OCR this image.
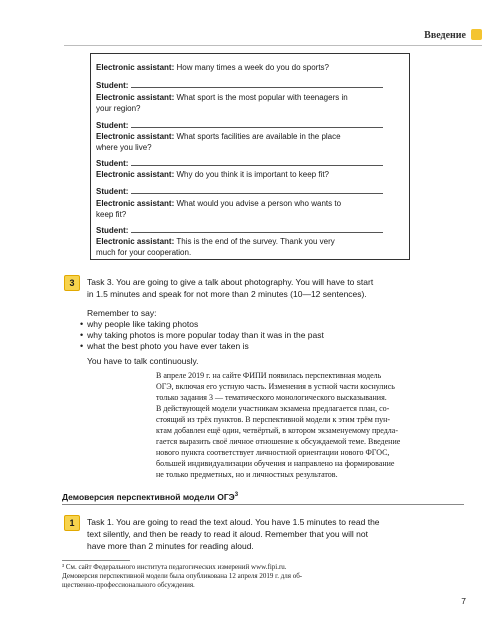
Введение
Electronic assistant: How many times a week do you do sports?
Student:
Electronic assistant: What sport is the most popular with teenagers in
your region?
Student:
Electronic assistant: What sports facilities are available in the place
where you live?
Student:
Electronic assistant: Why do you think it is important to keep fit?
Student:
Electronic assistant: What would you advise a person who wants to
keep fit?
Student:
Electronic assistant: This is the end of the survey. Thank you very
much for your cooperation.
3	Task 3. You are going to give a talk about photography. You will have to start
in 1.5 minutes and speak for not more than 2 minutes (10—12 sentences).
Remember to say:
• why people like taking photos
• why taking photos is more popular today than it was in the past
• what the best photo you have ever taken is
You have to talk continuously.
В апреле 2019 г. на сайте ФИПИ появилась перспективная модель
ОГЭ, включая его устную часть. Изменения в устной части коснулись
только задания 3 — тематического монологического высказывания.
В действующей модели участникам экзамена предлагается план, со-
стоящий из трёх пунктов. В перспективной модели к этим трём пун-
ктам добавлен ещё один, четвёртый, в котором экзаменуемому предла-
гается выразить своё личное отношение к обсуждаемой теме. Введение
нового пункта соответствует личностной ориентации нового ФГОС,
большей индивидуализации обучения и направлено на формирование
не только предметных, но и личностных результатов.
Демоверсия перспективной модели ОГЭ$^3$
1	Task 1. You are going to read the text aloud. You have 1.5 minutes to read the
text silently, and then be ready to read it aloud. Remember that you will not
have more than 2 minutes for reading aloud.
³ См. сайт Федерального института педагогических измерений www.fipi.ru.
Демоверсия перспективной модели была опубликована 12 апреля 2019 г. для об-
щественно-профессионального обсуждения.
7
